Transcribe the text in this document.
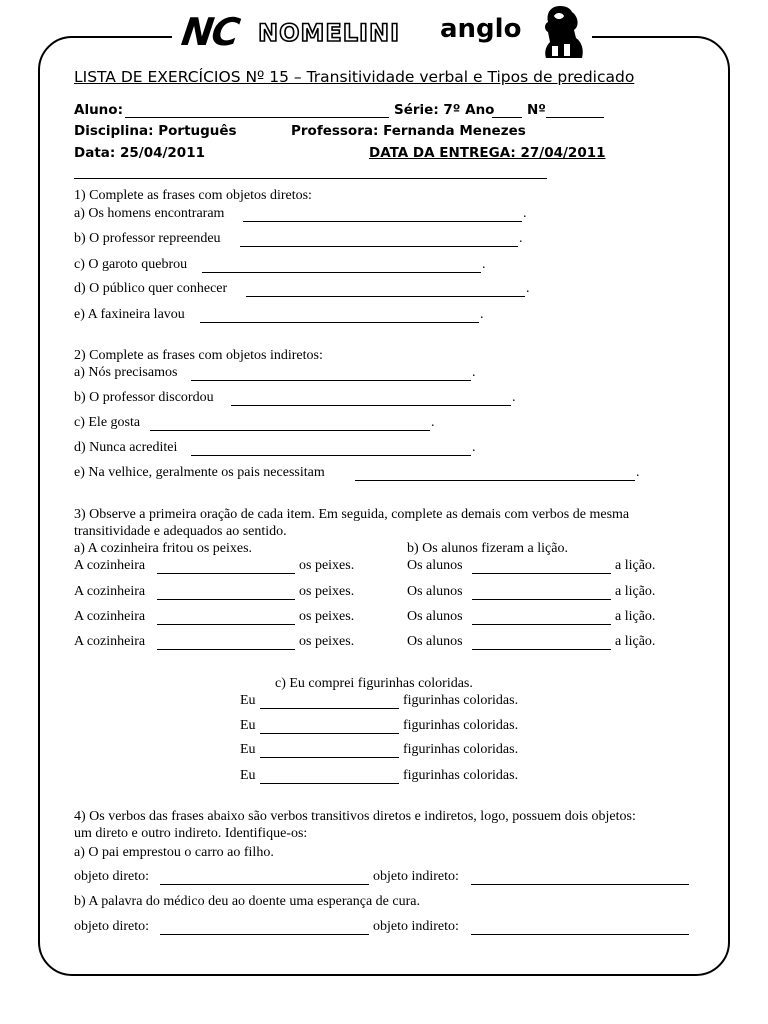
NC NOMELINI anglo
LISTA DE EXERCÍCIOS Nº 15 – Transitividade verbal e Tipos de predicado
Aluno:	Série: 7º Ano Nº
Disciplina: Português	Professora: Fernanda Menezes
Data: 25/04/2011	DATA DA ENTREGA: 27/04/2011
1) Complete as frases com objetos diretos:
a) Os homens encontraram	.
b) O professor repreendeu	.
c) O garoto quebrou	.
d) O público quer conhecer	.
e) A faxineira lavou	.
2) Complete as frases com objetos indiretos:
a) Nós precisamos	.
b) O professor discordou	.
c) Ele gosta	.
d) Nunca acreditei	.
e) Na velhice, geralmente os pais necessitam	.
3) Observe a primeira oração de cada item. Em seguida, complete as demais com verbos de mesma
transitividade e adequados ao sentido.
a) A cozinheira fritou os peixes.	b) Os alunos fizeram a lição.
A cozinheira	os peixes.	Os alunos	a lição.
A cozinheira	os peixes.	Os alunos	a lição.
A cozinheira	os peixes.	Os alunos	a lição.
A cozinheira	os peixes.	Os alunos	a lição.
c) Eu comprei figurinhas coloridas.
Eu	figurinhas coloridas.
Eu	figurinhas coloridas.
Eu	figurinhas coloridas.
Eu	figurinhas coloridas.
4) Os verbos das frases abaixo são verbos transitivos diretos e indiretos, logo, possuem dois objetos:
um direto e outro indireto. Identifique-os:
a) O pai emprestou o carro ao filho.
objeto direto:	objeto indireto:
b) A palavra do médico deu ao doente uma esperança de cura.
objeto direto:	objeto indireto:
